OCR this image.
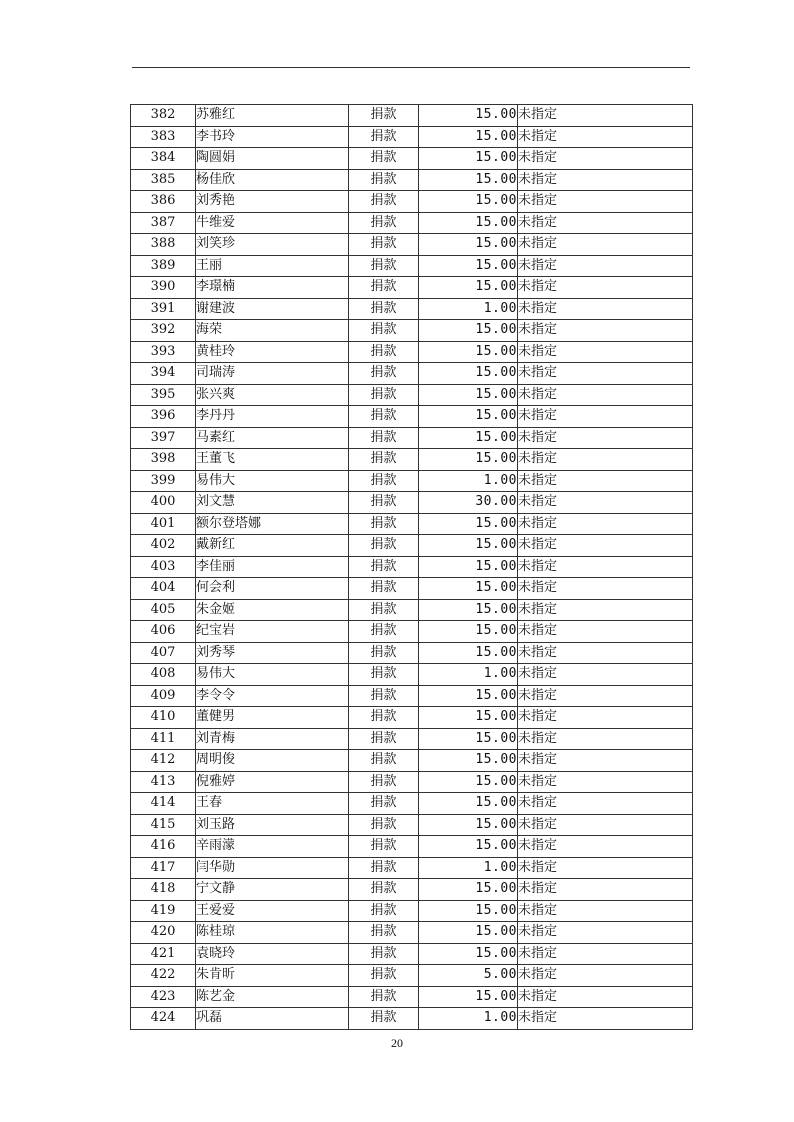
382	苏雅红	捐款	15.00	未指定
383	李书玲	捐款	15.00	未指定
384	陶圆娟	捐款	15.00	未指定
385	杨佳欣	捐款	15.00	未指定
386	刘秀艳	捐款	15.00	未指定
387	牛维爱	捐款	15.00	未指定
388	刘笑珍	捐款	15.00	未指定
389	王丽	捐款	15.00	未指定
390	李璟楠	捐款	15.00	未指定
391	谢建波	捐款	1.00	未指定
392	海荣	捐款	15.00	未指定
393	黄桂玲	捐款	15.00	未指定
394	司瑞涛	捐款	15.00	未指定
395	张兴爽	捐款	15.00	未指定
396	李丹丹	捐款	15.00	未指定
397	马素红	捐款	15.00	未指定
398	王董飞	捐款	15.00	未指定
399	易伟大	捐款	1.00	未指定
400	刘文慧	捐款	30.00	未指定
401	额尔登塔娜	捐款	15.00	未指定
402	戴新红	捐款	15.00	未指定
403	李佳丽	捐款	15.00	未指定
404	何会利	捐款	15.00	未指定
405	朱金姬	捐款	15.00	未指定
406	纪宝岩	捐款	15.00	未指定
407	刘秀琴	捐款	15.00	未指定
408	易伟大	捐款	1.00	未指定
409	李令令	捐款	15.00	未指定
410	董健男	捐款	15.00	未指定
411	刘青梅	捐款	15.00	未指定
412	周明俊	捐款	15.00	未指定
413	倪雅婷	捐款	15.00	未指定
414	王春	捐款	15.00	未指定
415	刘玉路	捐款	15.00	未指定
416	辛雨濛	捐款	15.00	未指定
417	闫华勋	捐款	1.00	未指定
418	宁文静	捐款	15.00	未指定
419	王爱爱	捐款	15.00	未指定
420	陈桂琼	捐款	15.00	未指定
421	袁晓玲	捐款	15.00	未指定
422	朱肯昕	捐款	5.00	未指定
423	陈艺金	捐款	15.00	未指定
424	巩磊	捐款	1.00	未指定
20
